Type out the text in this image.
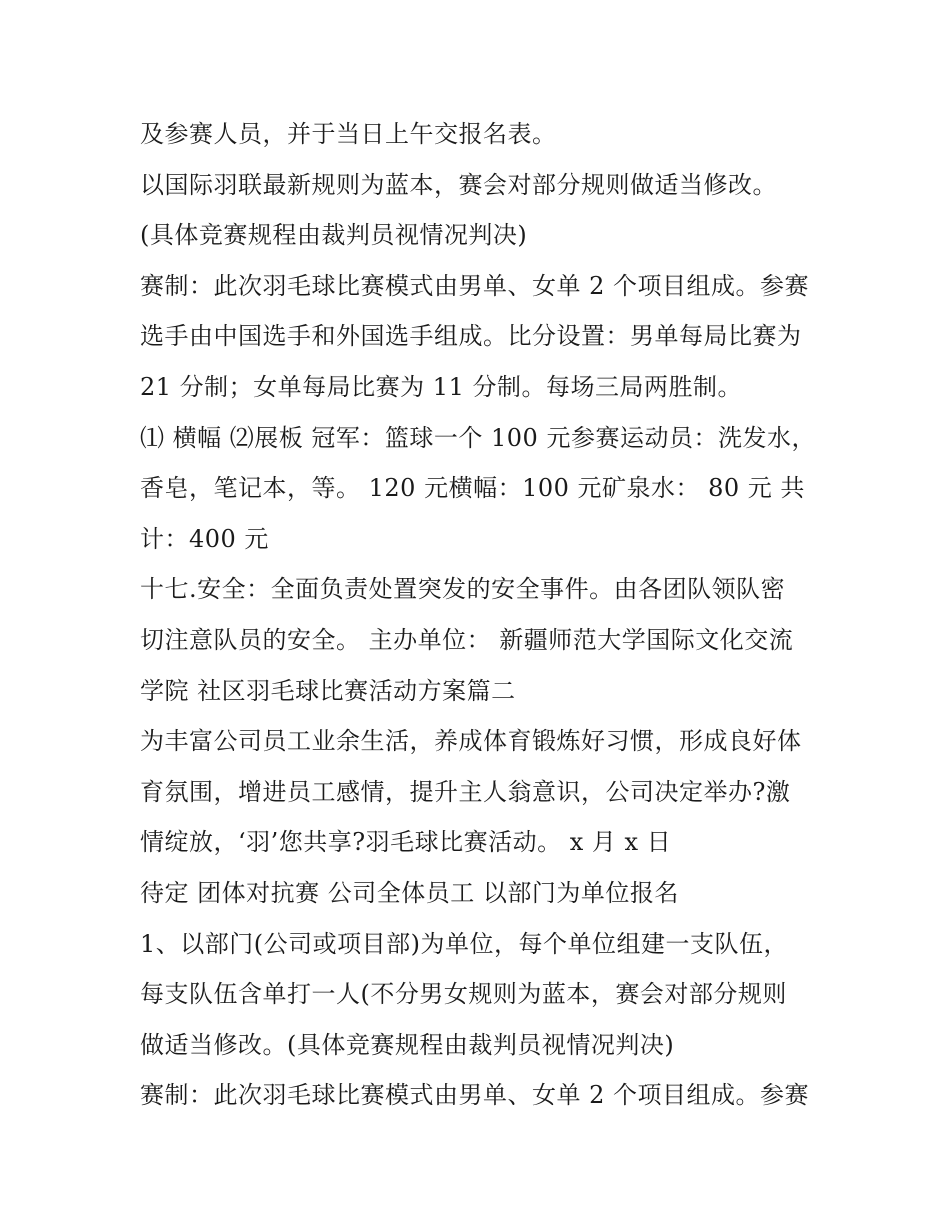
及参赛人员，并于当日上午交报名表。
以国际羽联最新规则为蓝本，赛会对部分规则做适当修改。
(具体竞赛规程由裁判员视情况判决)
赛制：此次羽毛球比赛模式由男单、女单 2 个项目组成。参赛
选手由中国选手和外国选手组成。比分设置：男单每局比赛为
21 分制；女单每局比赛为 11 分制。每场三局两胜制。
⑴ 横幅 ⑵展板 冠军：篮球一个 100 元参赛运动员：洗发水，
香皂，笔记本，等。 120 元横幅：100 元矿泉水： 80 元 共
计：400 元
十七.安全：全面负责处置突发的安全事件。由各团队领队密
切注意队员的安全。 主办单位： 新疆师范大学国际文化交流
学院 社区羽毛球比赛活动方案篇二
为丰富公司员工业余生活，养成体育锻炼好习惯，形成良好体
育氛围，增进员工感情，提升主人翁意识，公司决定举办?激
情绽放，‘羽’您共享?羽毛球比赛活动。 x 月 x 日
待定 团体对抗赛 公司全体员工 以部门为单位报名
1、以部门(公司或项目部)为单位，每个单位组建一支队伍，
每支队伍含单打一人(不分男女规则为蓝本，赛会对部分规则
做适当修改。(具体竞赛规程由裁判员视情况判决)
赛制：此次羽毛球比赛模式由男单、女单 2 个项目组成。参赛
